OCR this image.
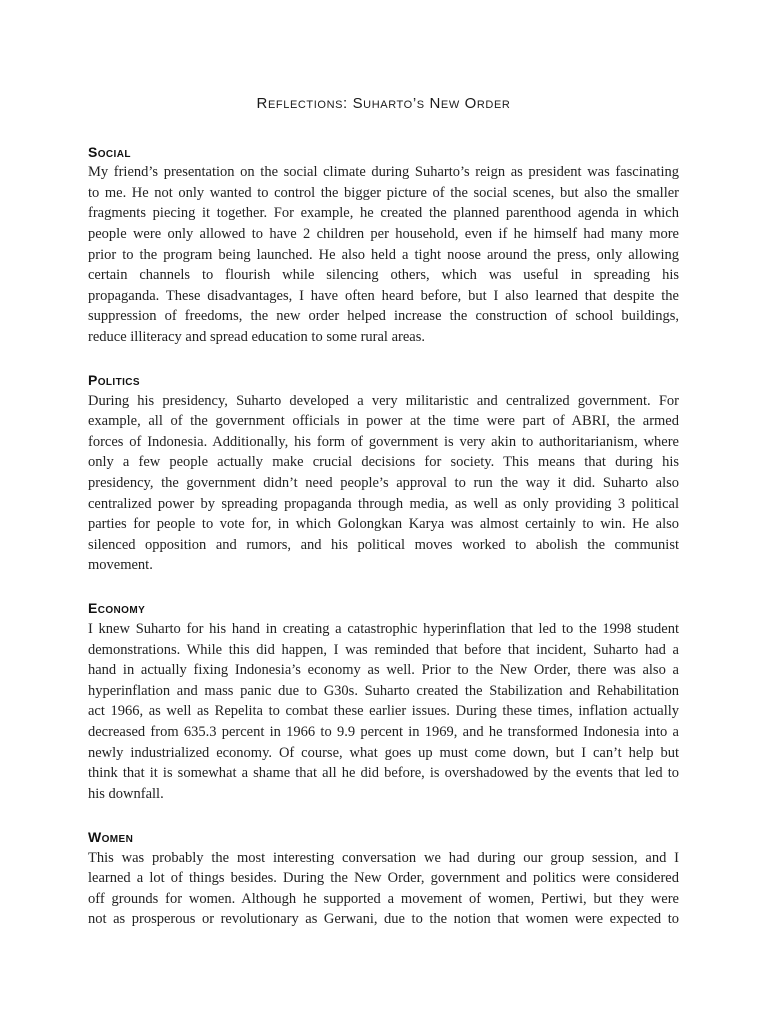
Reflections: Suharto’s New Order
Social
My friend’s presentation on the social climate during Suharto’s reign as president was fascinating
to me. He not only wanted to control the bigger picture of the social scenes, but also the smaller
fragments piecing it together. For example, he created the planned parenthood agenda in which
people were only allowed to have 2 children per household, even if he himself had many more
prior to the program being launched. He also held a tight noose around the press, only allowing
certain channels to flourish while silencing others, which was useful in spreading his
propaganda. These disadvantages, I have often heard before, but I also learned that despite the
suppression of freedoms, the new order helped increase the construction of school buildings,
reduce illiteracy and spread education to some rural areas.
Politics
During his presidency, Suharto developed a very militaristic and centralized government. For
example, all of the government officials in power at the time were part of ABRI, the armed
forces of Indonesia. Additionally, his form of government is very akin to authoritarianism, where
only a few people actually make crucial decisions for society. This means that during his
presidency, the government didn’t need people’s approval to run the way it did. Suharto also
centralized power by spreading propaganda through media, as well as only providing 3 political
parties for people to vote for, in which Golongkan Karya was almost certainly to win. He also
silenced opposition and rumors, and his political moves worked to abolish the communist
movement.
Economy
I knew Suharto for his hand in creating a catastrophic hyperinflation that led to the 1998 student
demonstrations. While this did happen, I was reminded that before that incident, Suharto had a
hand in actually fixing Indonesia’s economy as well. Prior to the New Order, there was also a
hyperinflation and mass panic due to G30s. Suharto created the Stabilization and Rehabilitation
act 1966, as well as Repelita to combat these earlier issues. During these times, inflation actually
decreased from 635.3 percent in 1966 to 9.9 percent in 1969, and he transformed Indonesia into a
newly industrialized economy. Of course, what goes up must come down, but I can’t help but
think that it is somewhat a shame that all he did before, is overshadowed by the events that led to
his downfall.
Women
This was probably the most interesting conversation we had during our group session, and I
learned a lot of things besides. During the New Order, government and politics were considered
off grounds for women. Although he supported a movement of women, Pertiwi, but they were
not as prosperous or revolutionary as Gerwani, due to the notion that women were expected to
